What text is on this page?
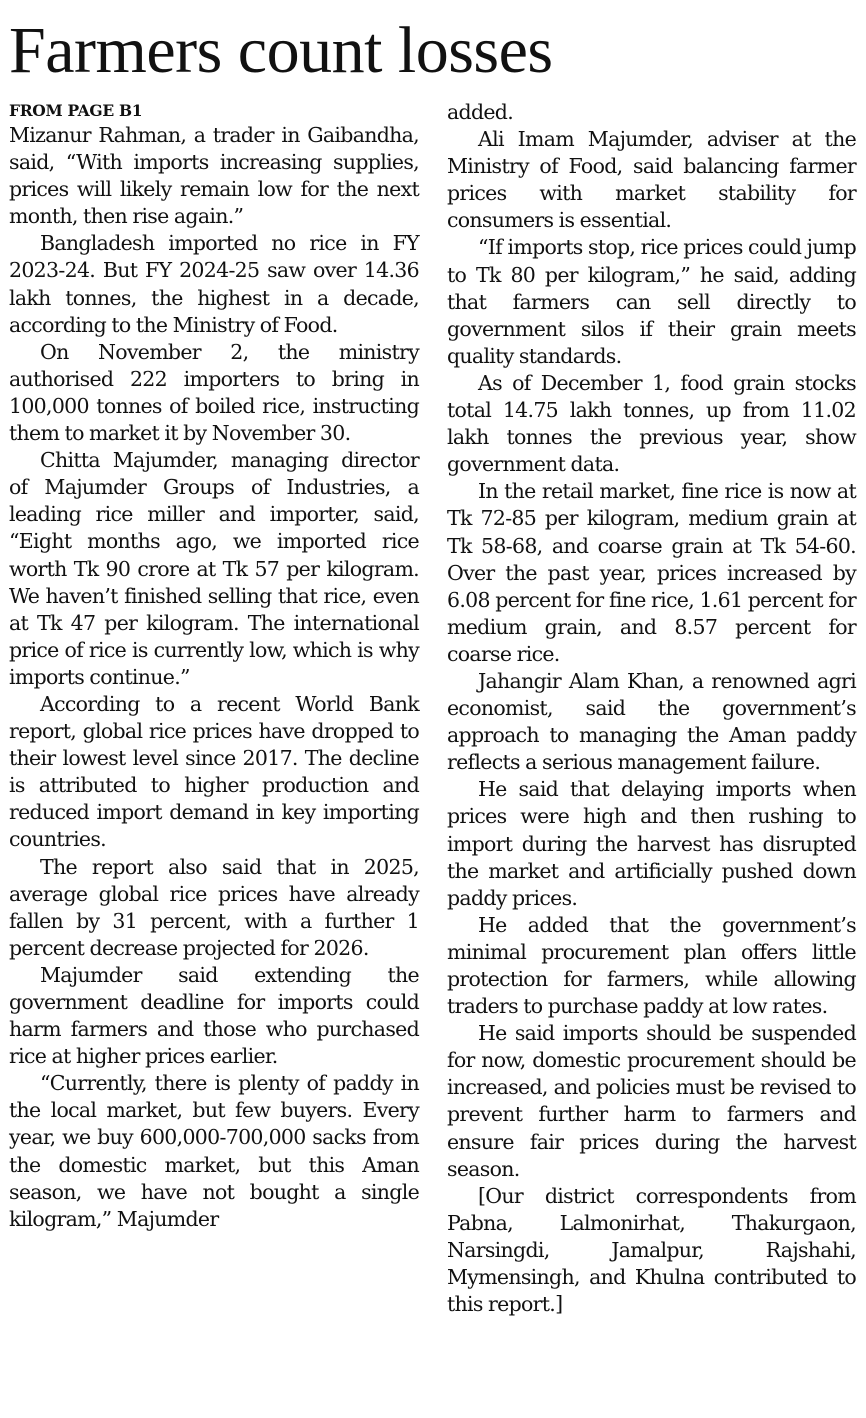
Farmers count losses

FROM PAGE B1

Mizanur Rahman, a trader in Gaibandha, said, “With imports increasing supplies, prices will likely remain low for the next month, then rise again.”

Bangladesh imported no rice in FY 2023-24. But FY 2024-25 saw over 14.36 lakh tonnes, the highest in a decade, according to the Ministry of Food.

On November 2, the ministry authorised 222 importers to bring in 100,000 tonnes of boiled rice, instructing them to market it by November 30.

Chitta Majumder, managing director of Majumder Groups of Industries, a leading rice miller and importer, said, “Eight months ago, we imported rice worth Tk 90 crore at Tk 57 per kilogram. We haven’t finished selling that rice, even at Tk 47 per kilogram. The international price of rice is currently low, which is why imports continue.”

According to a recent World Bank report, global rice prices have dropped to their lowest level since 2017. The decline is attributed to higher production and reduced import demand in key importing countries.

The report also said that in 2025, average global rice prices have already fallen by 31 percent, with a further 1 percent decrease projected for 2026.

Majumder said extending the government deadline for imports could harm farmers and those who purchased rice at higher prices earlier.

“Currently, there is plenty of paddy in the local market, but few buyers. Every year, we buy 600,000-700,000 sacks from the domestic market, but this Aman season, we have not bought a single kilogram,” Majumder

added.

Ali Imam Majumder, adviser at the Ministry of Food, said balancing farmer prices with market stability for consumers is essential.

“If imports stop, rice prices could jump to Tk 80 per kilogram,” he said, adding that farmers can sell directly to government silos if their grain meets quality standards.

As of December 1, food grain stocks total 14.75 lakh tonnes, up from 11.02 lakh tonnes the previous year, show government data.

In the retail market, fine rice is now at Tk 72-85 per kilogram, medium grain at Tk 58-68, and coarse grain at Tk 54-60. Over the past year, prices increased by 6.08 percent for fine rice, 1.61 percent for medium grain, and 8.57 percent for coarse rice.

Jahangir Alam Khan, a renowned agri economist, said the government’s approach to managing the Aman paddy reflects a serious management failure.

He said that delaying imports when prices were high and then rushing to import during the harvest has disrupted the market and artificially pushed down paddy prices.

He added that the government’s minimal procurement plan offers little protection for farmers, while allowing traders to purchase paddy at low rates.

He said imports should be suspended for now, domestic procurement should be increased, and policies must be revised to prevent further harm to farmers and ensure fair prices during the harvest season.

[Our district correspondents from Pabna, Lalmonirhat, Thakurgaon, Narsingdi, Jamalpur, Rajshahi, Mymensingh, and Khulna contributed to this report.]
